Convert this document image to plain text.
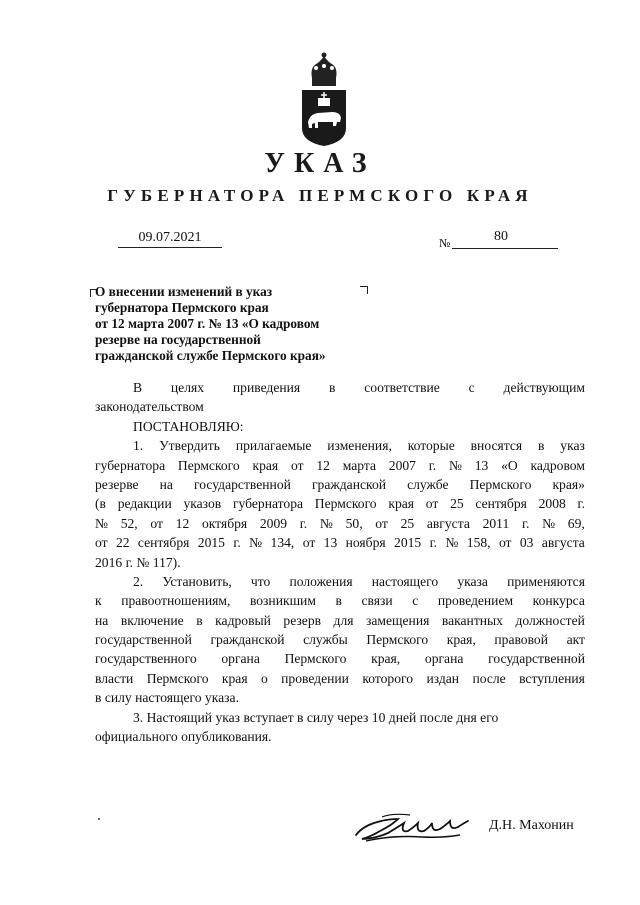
УКАЗ
ГУБЕРНАТОРА ПЕРМСКОГО КРАЯ
09.07.2021	№	80
О внесении изменений в указ
губернатора Пермского края
от 12 марта 2007 г. № 13 «О кадровом
резерве на государственной
гражданской службе Пермского края»
В целях приведения в соответствие с действующим
законодательством
ПОСТАНОВЛЯЮ:
1. Утвердить прилагаемые изменения, которые вносятся в указ
губернатора Пермского края от 12 марта 2007 г. № 13 «О кадровом
резерве на государственной гражданской службе Пермского края»
(в редакции указов губернатора Пермского края от 25 сентября 2008 г.
№ 52, от 12 октября 2009 г. № 50, от 25 августа 2011 г. № 69,
от 22 сентября 2015 г. № 134, от 13 ноября 2015 г. № 158, от 03 августа
2016 г. № 117).
2. Установить, что положения настоящего указа применяются
к правоотношениям, возникшим в связи с проведением конкурса
на включение в кадровый резерв для замещения вакантных должностей
государственной гражданской службы Пермского края, правовой акт
государственного органа Пермского края, органа государственной
власти Пермского края о проведении которого издан после вступления
в силу настоящего указа.
3. Настоящий указ вступает в силу через 10 дней после дня его
официального опубликования.
Д.Н. Махонин
